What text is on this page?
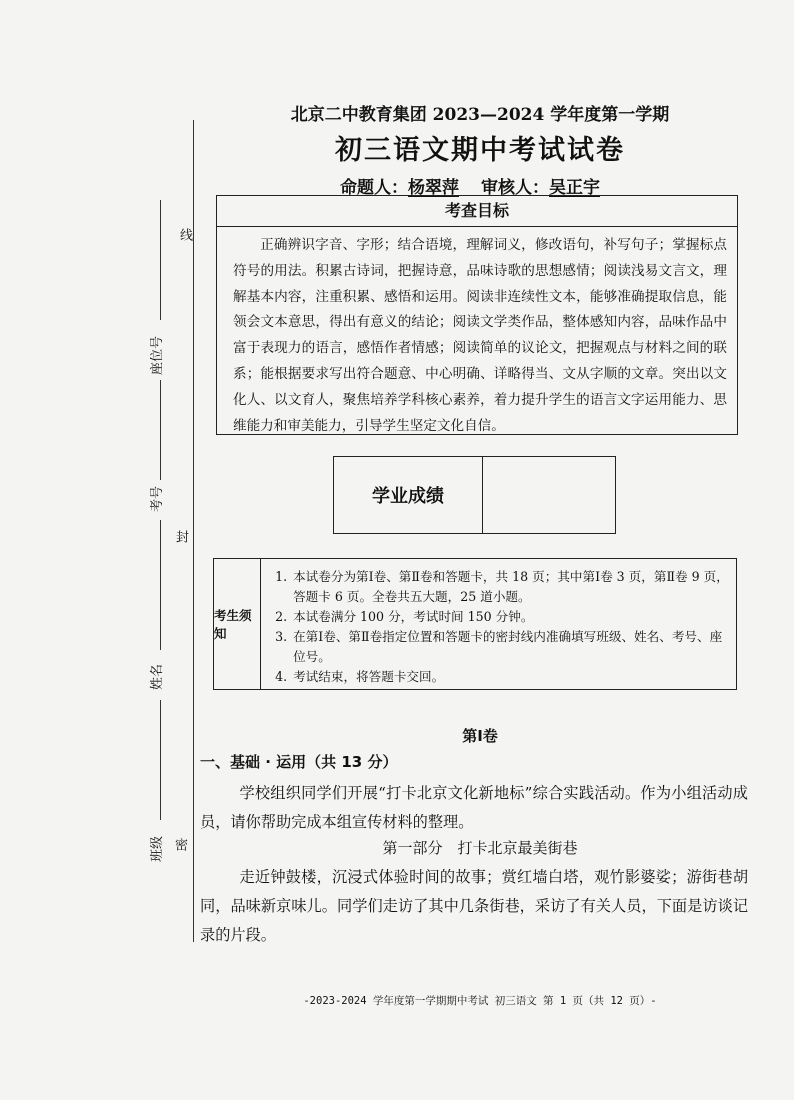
线
封
密
座位号
考号
姓名
班级
北京二中教育集团 2023—2024 学年度第一学期
初三语文期中考试试卷
命题人：杨翠萍 审核人：吴正宇
考查目标
正确辨识字音、字形；结合语境，理解词义，修改语句，补写句子；掌握标点符号的用法。积累古诗词，把握诗意，品味诗歌的思想感情；阅读浅易文言文，理解基本内容，注重积累、感悟和运用。阅读非连续性文本，能够准确提取信息，能领会文本意思，得出有意义的结论；阅读文学类作品，整体感知内容，品味作品中富于表现力的语言，感悟作者情感；阅读简单的议论文，把握观点与材料之间的联系；能根据要求写出符合题意、中心明确、详略得当、文从字顺的文章。突出以文化人、以文育人，聚焦培养学科核心素养，着力提升学生的语言文字运用能力、思维能力和审美能力，引导学生坚定文化自信。
学业成绩
考生须知
1. 本试卷分为第Ⅰ卷、第Ⅱ卷和答题卡，共 18 页；其中第Ⅰ卷 3 页，第Ⅱ卷 9 页，答题卡 6 页。全卷共五大题，25 道小题。
2. 本试卷满分 100 分，考试时间 150 分钟。
3. 在第Ⅰ卷、第Ⅱ卷指定位置和答题卡的密封线内准确填写班级、姓名、考号、座位号。
4. 考试结束，将答题卡交回。
第Ⅰ卷
一、基础 · 运用（共 13 分）
学校组织同学们开展“打卡北京文化新地标”综合实践活动。作为小组活动成员，请你帮助完成本组宣传材料的整理。
第一部分　打卡北京最美街巷
走近钟鼓楼，沉浸式体验时间的故事；赏红墙白塔，观竹影婆娑；游街巷胡同，品味新京味儿。同学们走访了其中几条街巷，采访了有关人员，下面是访谈记录的片段。
-2023-2024 学年度第一学期期中考试 初三语文 第 1 页（共 12 页）-
